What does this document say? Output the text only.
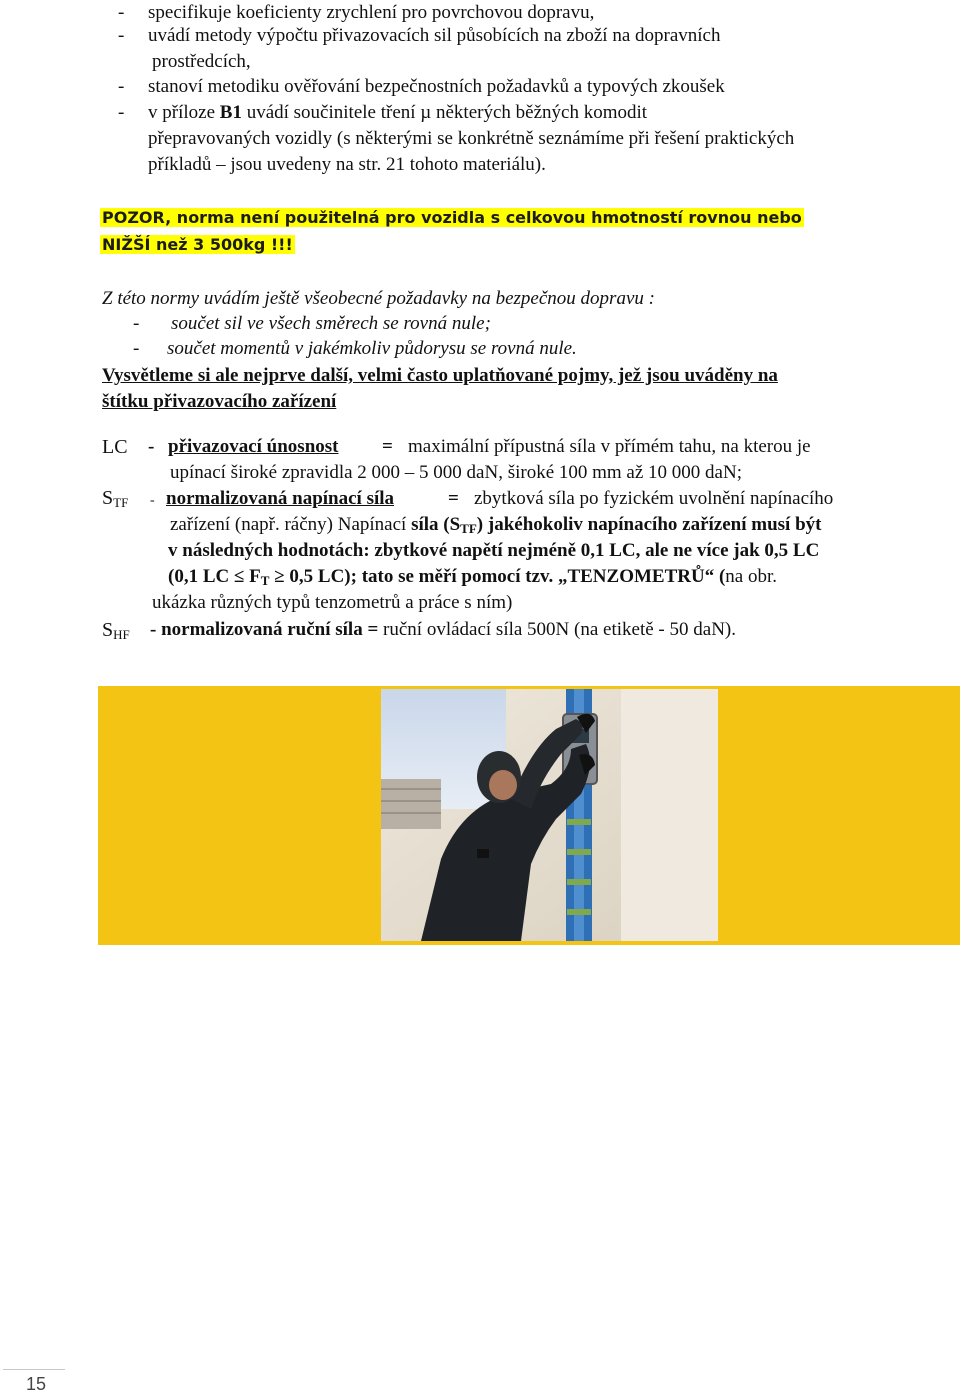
- specifikuje koeficienty zrychlení pro povrchovou dopravu,
- uvádí metody výpočtu přivazovacích sil působících na zboží na dopravních
prostředcích,
- stanoví metodiku ověřování bezpečnostních požadavků a typových zkoušek
- v příloze B1 uvádí součinitele tření µ některých běžných komodit
přepravovaných vozidly (s některými se konkrétně seznámíme při řešení praktických
příkladů – jsou uvedeny na str. 21 tohoto materiálu).
POZOR, norma není použitelná pro vozidla s celkovou hmotností rovnou nebo
NIŽŠÍ než 3 500kg !!!
Z této normy uvádím ještě všeobecné požadavky na bezpečnou dopravu :
- součet sil ve všech směrech se rovná nule;
- součet momentů v jakémkoliv půdorysu se rovná nule.
Vysvětleme si ale nejprve další, velmi často uplatňované pojmy, jež jsou uváděny na
štítku přivazovacího zařízení
LC - přivazovací únosnost = maximální přípustná síla v přímém tahu, na kterou je
upínací široké zpravidla 2 000 – 5 000 daN, široké 100 mm až 10 000 daN;
$S_{TF}$ - normalizovaná napínací síla	= zbytková síla po fyzickém uvolnění napínacího
zařízení (např. ráčny) Napínací síla $(S_{TF})$ jakéhokoliv napínacího zařízení musí být
v následných hodnotách: zbytkové napětí nejméně 0,1 LC, ale ne více jak 0,5 LC
(0,1 LC ≤ $F_T \ge 0,5$ LC); tato se měří pomocí tzv. „TENZOMETRŮ“ (na obr.
ukázka různých typů tenzometrů a práce s ním)
$S_{HF}$ - normalizovaná ruční síla = ruční ovládací síla 500N (na etiketě - 50 daN).
15
